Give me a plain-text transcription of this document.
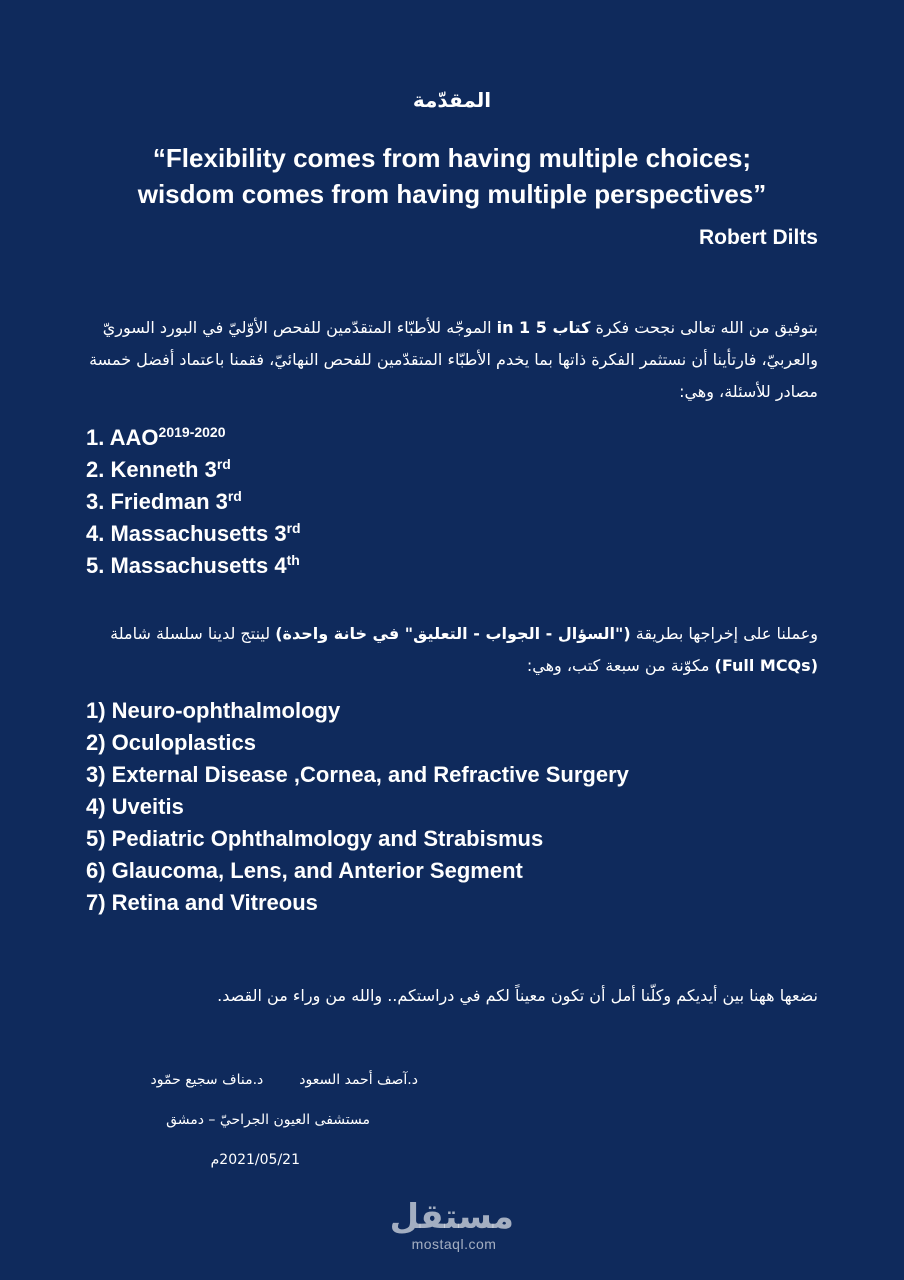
المقدّمة
“Flexibility comes from having multiple choices;
wisdom comes from having multiple perspectives”
Robert Dilts
بتوفيق من الله تعالى نجحت فكرة كتاب 5 in 1 الموجّه للأطبّاء المتقدّمين للفحص الأوّليّ في البورد السوريّ والعربيّ، فارتأينا أن نستثمر الفكرة ذاتها بما يخدم الأطبّاء المتقدّمين للفحص النهائيّ، فقمنا باعتماد أفضل خمسة مصادر للأسئلة، وهي:
1. $AAO^{2019-2020}$
2. Kenneth 3rd
3. Friedman 3rd
4. Massachusetts 3rd
5. Massachusetts 4th
وعملنا على إخراجها بطريقة ("السؤال - الجواب - التعليق" في خانة واحدة) لينتج لدينا سلسلة شاملة (Full MCQs) مكوّنة من سبعة كتب، وهي:
1) Neuro-ophthalmology
2) Oculoplastics
3) External Disease ,Cornea, and Refractive Surgery
4) Uveitis
5) Pediatric Ophthalmology and Strabismus
6) Glaucoma, Lens, and Anterior Segment
7) Retina and Vitreous
نضعها ههنا بين أيديكم وكلّنا أمل أن تكون معيناً لكم في دراستكم.. والله من وراء من القصد.
د.آصف أحمد السعودد.مناف سجيع حمّود
مستشفى العيون الجراحيّ – دمشق
2021/05/21م
مستقل
mostaql.com
